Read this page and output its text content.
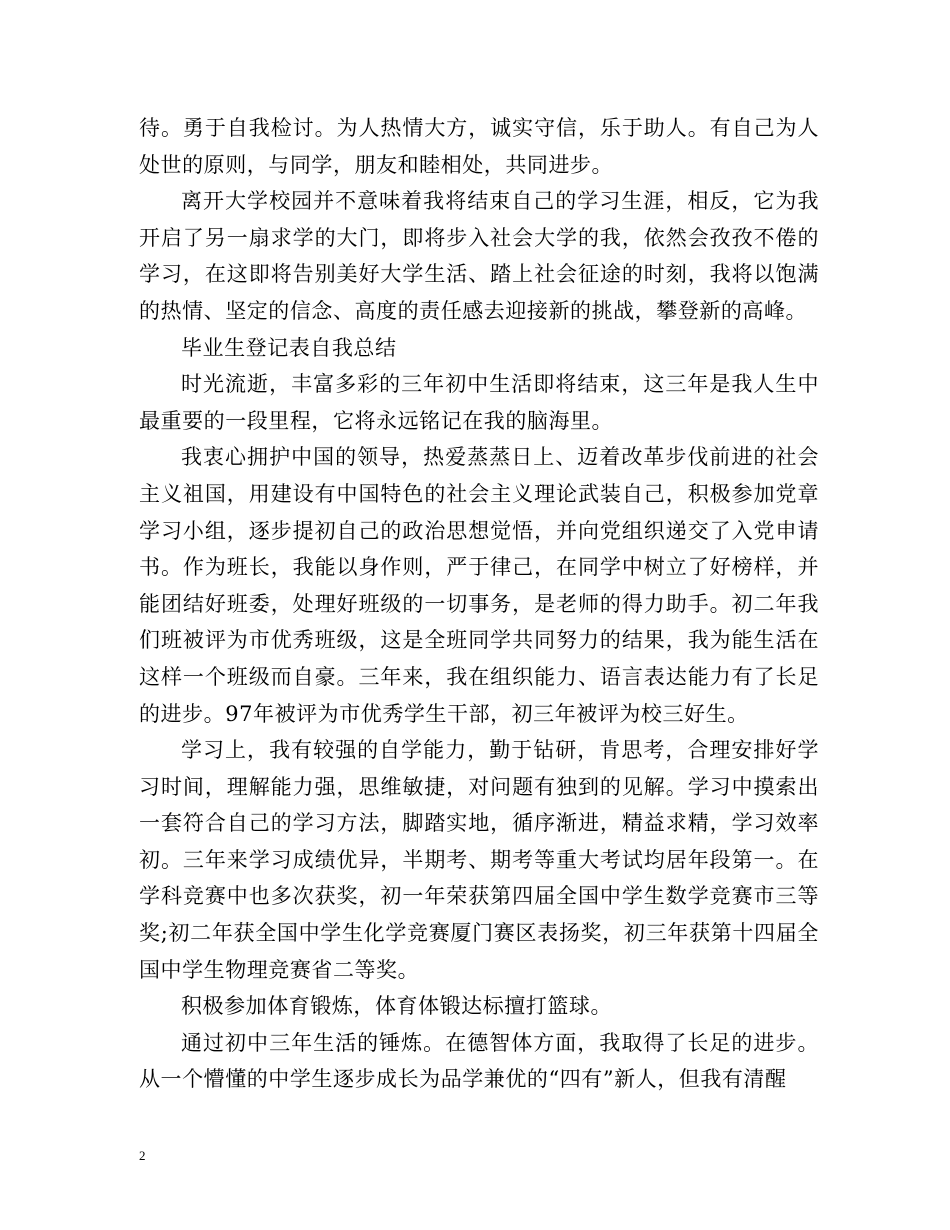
待。勇于自我检讨。为人热情大方，诚实守信，乐于助人。有自己为人处世的原则，与同学，朋友和睦相处，共同进步。

离开大学校园并不意味着我将结束自己的学习生涯，相反，它为我开启了另一扇求学的大门，即将步入社会大学的我，依然会孜孜不倦的学习，在这即将告别美好大学生活、踏上社会征途的时刻，我将以饱满的热情、坚定的信念、高度的责任感去迎接新的挑战，攀登新的高峰。

毕业生登记表自我总结

时光流逝，丰富多彩的三年初中生活即将结束，这三年是我人生中最重要的一段里程，它将永远铭记在我的脑海里。

我衷心拥护中国的领导，热爱蒸蒸日上、迈着改革步伐前进的社会主义祖国，用建设有中国特色的社会主义理论武装自己，积极参加党章学习小组，逐步提初自己的政治思想觉悟，并向党组织递交了入党申请书。作为班长，我能以身作则，严于律己，在同学中树立了好榜样，并能团结好班委，处理好班级的一切事务，是老师的得力助手。初二年我们班被评为市优秀班级，这是全班同学共同努力的结果，我为能生活在这样一个班级而自豪。三年来，我在组织能力、语言表达能力有了长足的进步。97年被评为市优秀学生干部，初三年被评为校三好生。

学习上，我有较强的自学能力，勤于钻研，肯思考，合理安排好学习时间，理解能力强，思维敏捷，对问题有独到的见解。学习中摸索出一套符合自己的学习方法，脚踏实地，循序渐进，精益求精，学习效率初。三年来学习成绩优异，半期考、期考等重大考试均居年段第一。在学科竞赛中也多次获奖，初一年荣获第四届全国中学生数学竞赛市三等奖;初二年获全国中学生化学竞赛厦门赛区表扬奖，初三年获第十四届全国中学生物理竞赛省二等奖。

积极参加体育锻炼，体育体锻达标擅打篮球。

通过初中三年生活的锤炼。在德智体方面，我取得了长足的进步。从一个懵懂的中学生逐步成长为品学兼优的“四有”新人，但我有清醒

2
